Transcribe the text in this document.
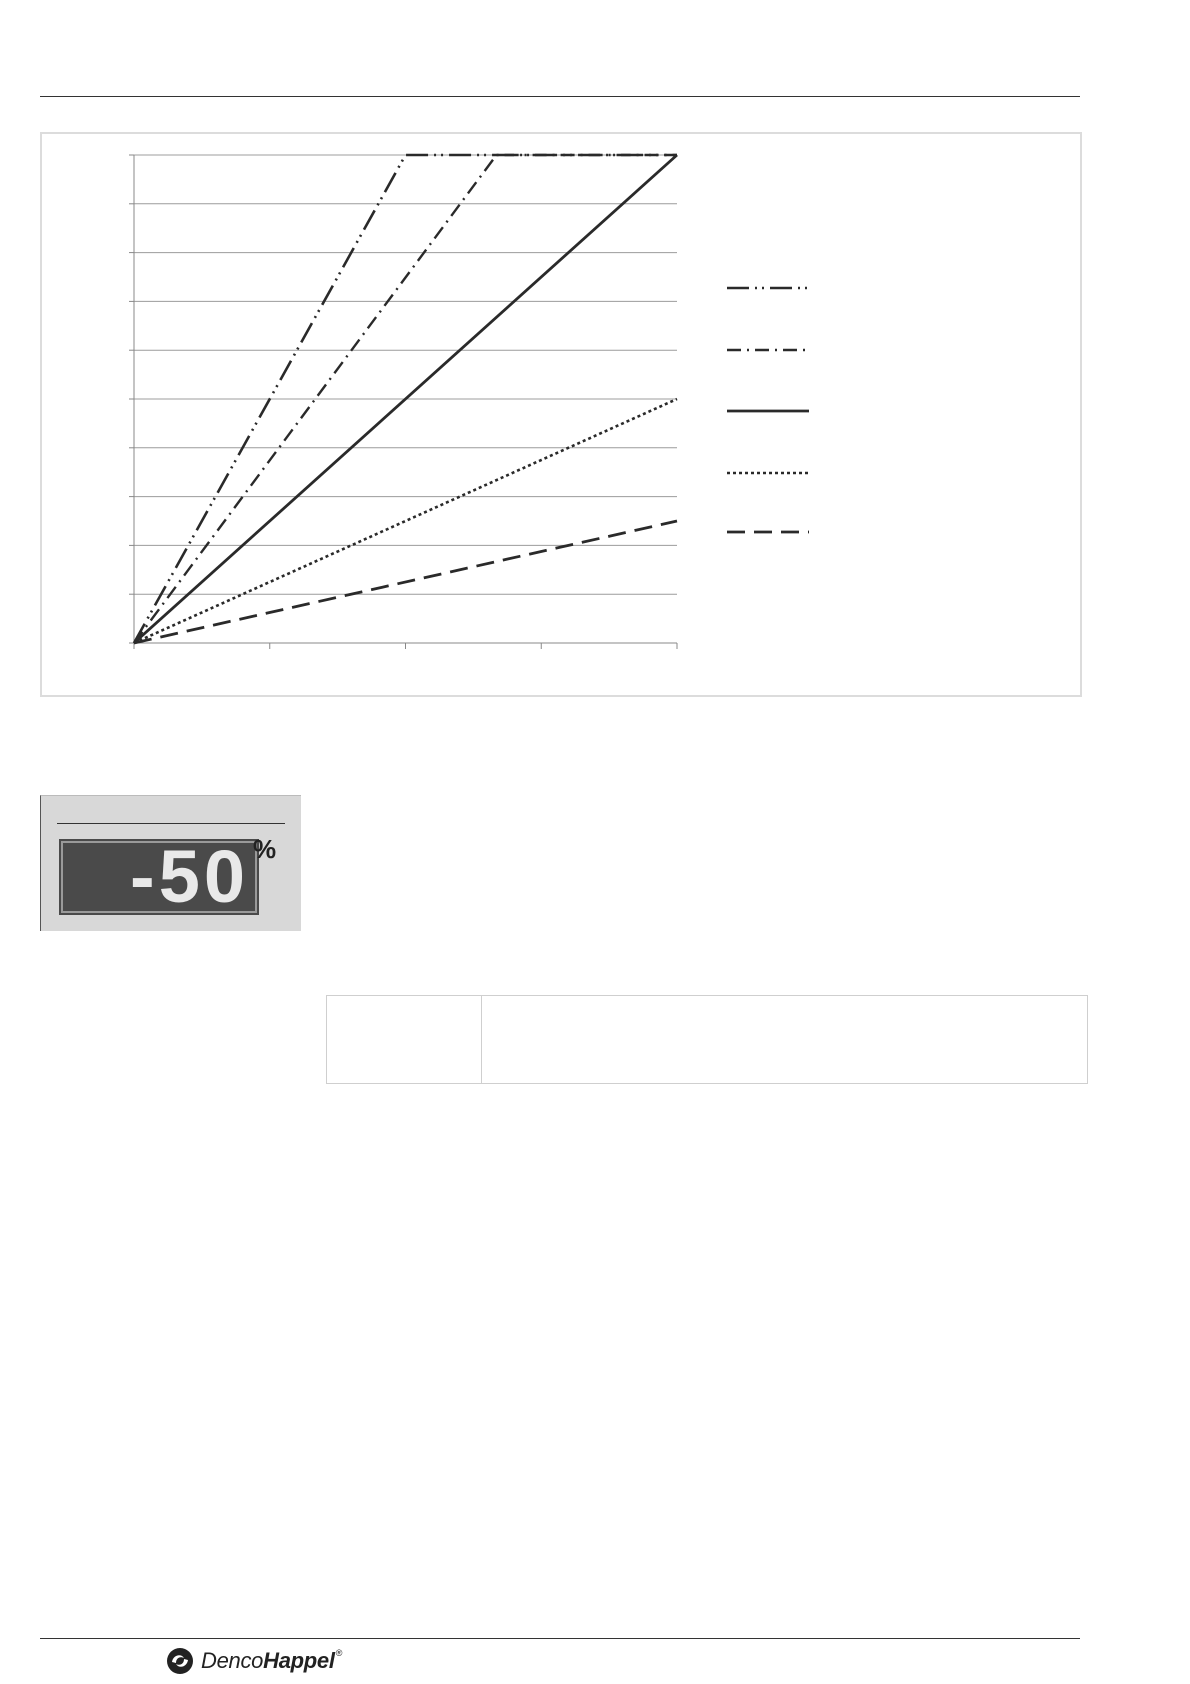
-50 %
DencoHappel®
